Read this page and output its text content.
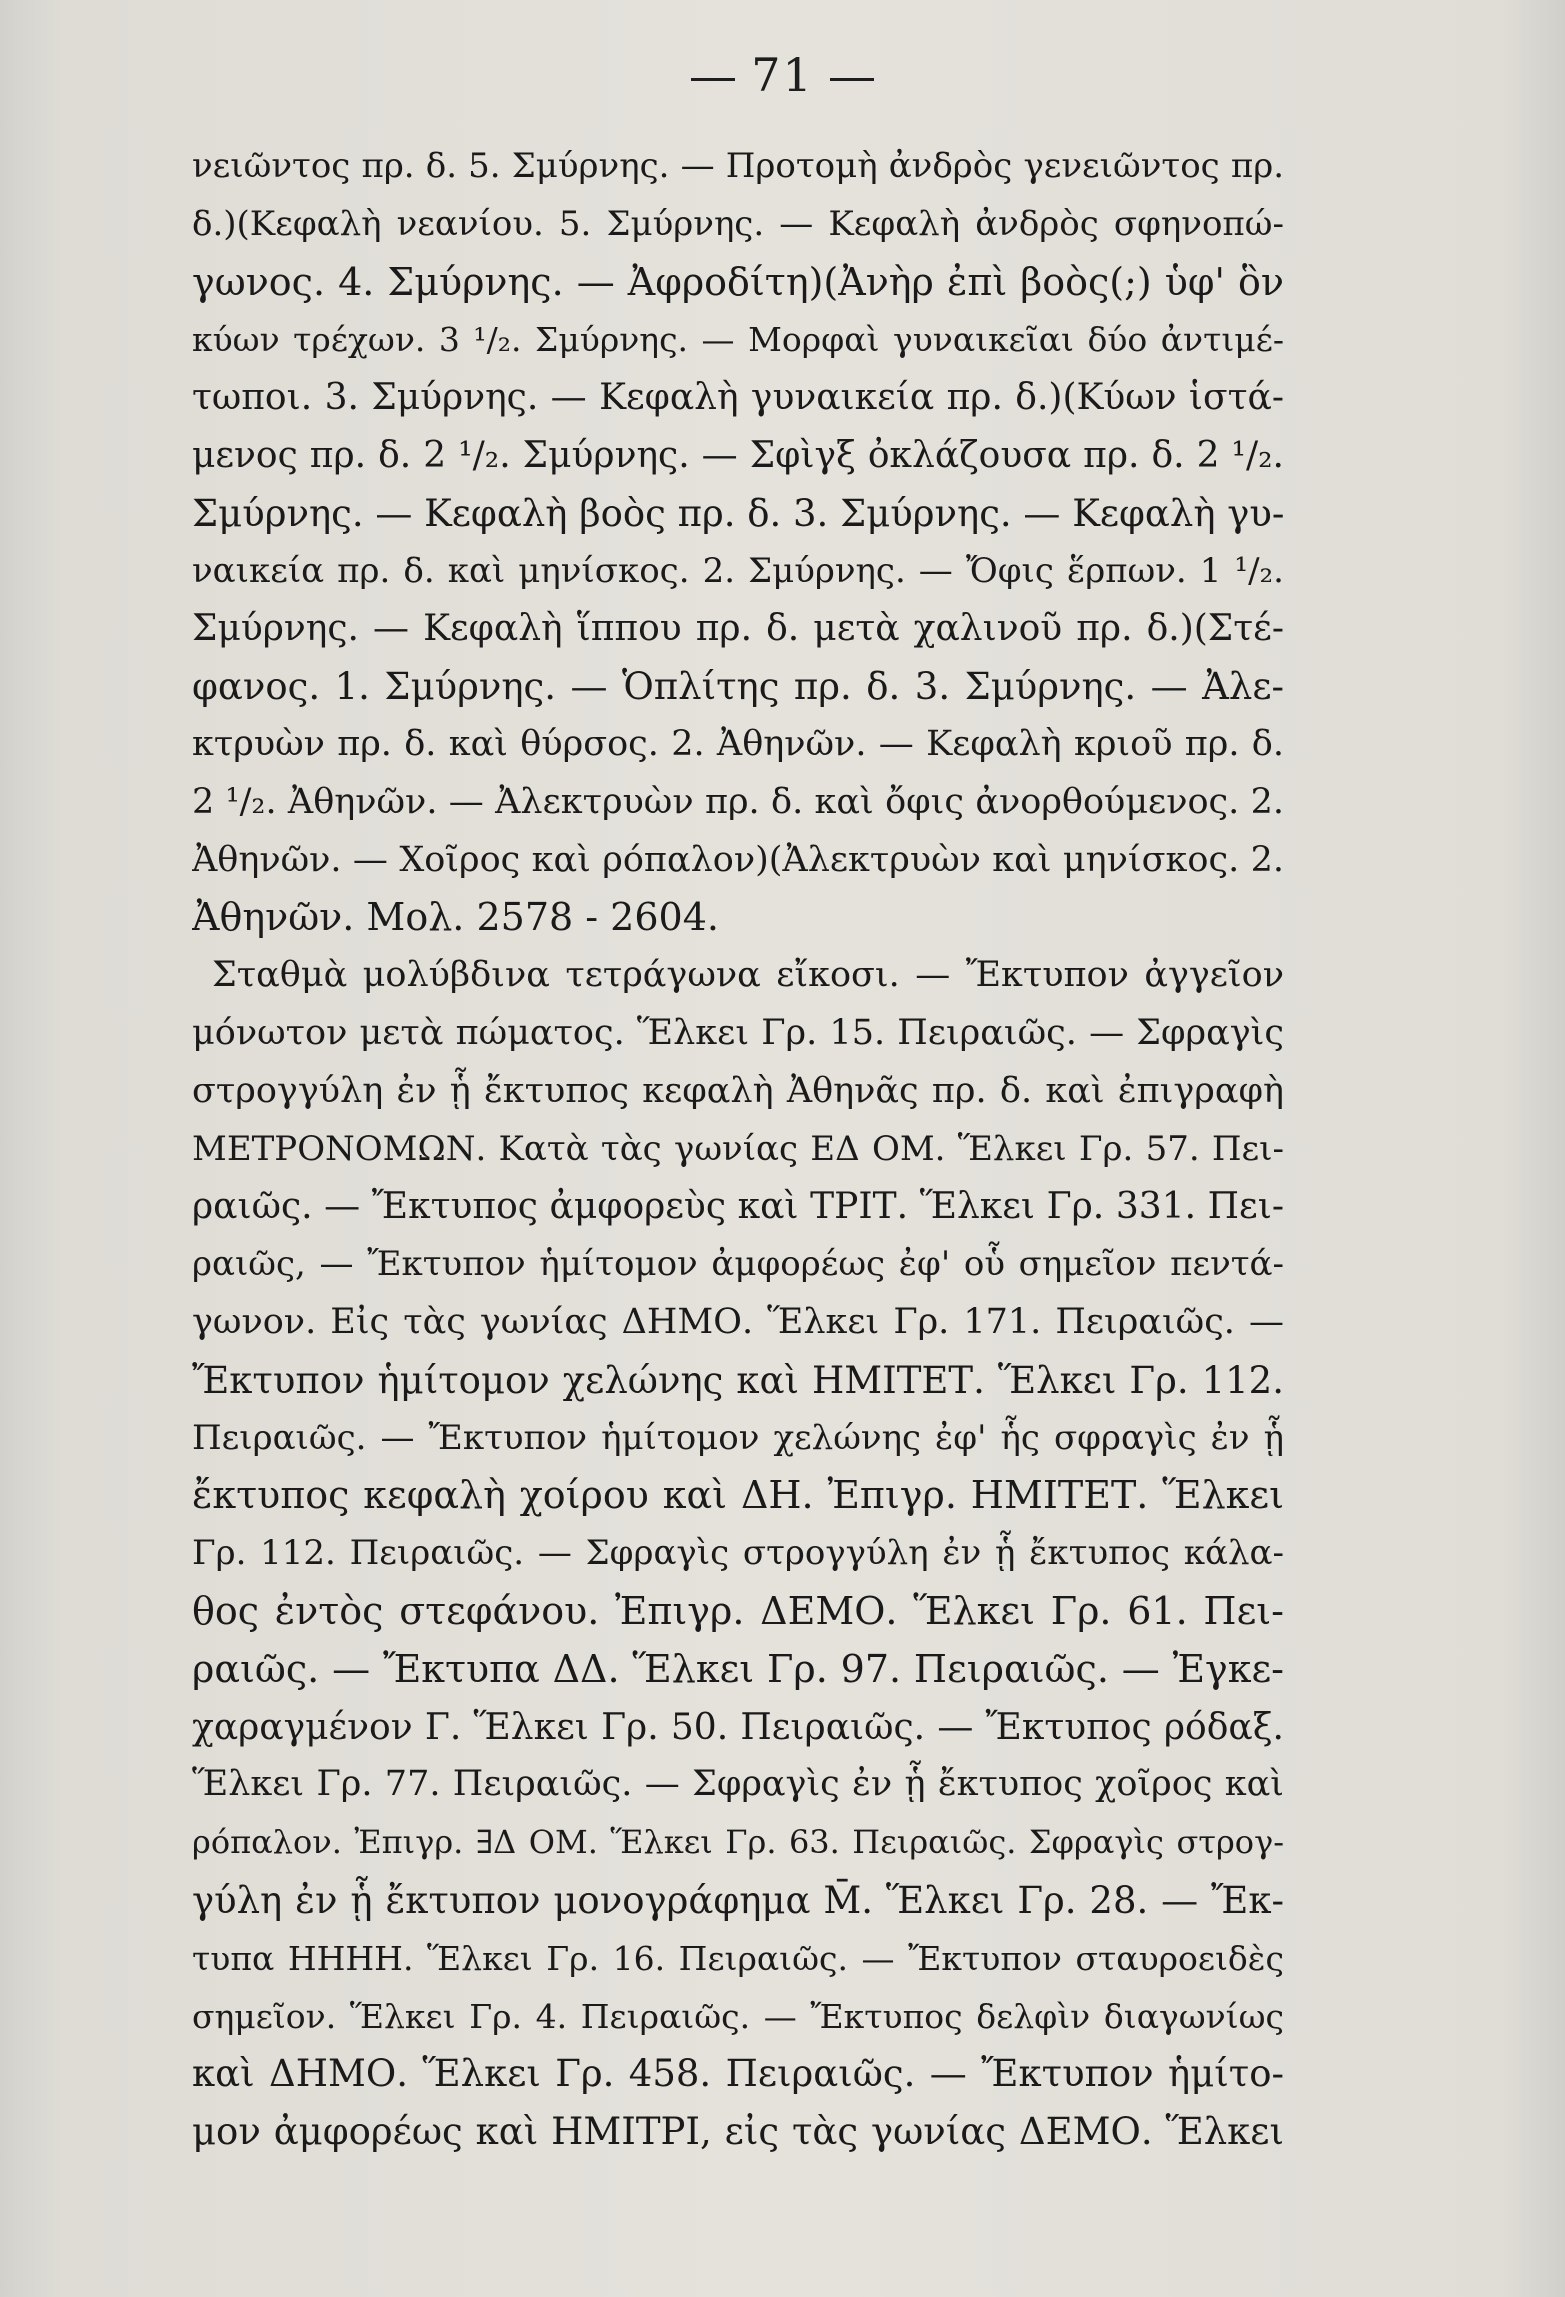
71
νειῶντος πρ. δ. 5. Σμύρνης. — Προτομὴ ἀνδρὸς γενειῶντος πρ.
δ.)(Κεφαλὴ νεανίου. 5. Σμύρνης. — Κεφαλὴ ἀνδρὸς σφηνοπώ-
γωνος. 4. Σμύρνης. — Ἀφροδίτη)(Ἀνὴρ ἐπὶ βοὸς(;) ὑφ' ὃν
κύων τρέχων. 3 ¹/₂. Σμύρνης. — Μορφαὶ γυναικεῖαι δύο ἀντιμέ-
τωποι. 3. Σμύρνης. — Κεφαλὴ γυναικεία πρ. δ.)(Κύων ἱστά-
μενος πρ. δ. 2 ¹/₂. Σμύρνης. — Σφὶγξ ὀκλάζουσα πρ. δ. 2 ¹/₂.
Σμύρνης. — Κεφαλὴ βοὸς πρ. δ. 3. Σμύρνης. — Κεφαλὴ γυ-
ναικεία πρ. δ. καὶ μηνίσκος. 2. Σμύρνης. — Ὄφις ἕρπων. 1 ¹/₂.
Σμύρνης. — Κεφαλὴ ἵππου πρ. δ. μετὰ χαλινοῦ πρ. δ.)(Στέ-
φανος. 1. Σμύρνης. — Ὁπλίτης πρ. δ. 3. Σμύρνης. — Ἀλε-
κτρυὼν πρ. δ. καὶ θύρσος. 2. Ἀθηνῶν. — Κεφαλὴ κριοῦ πρ. δ.
2 ¹/₂. Ἀθηνῶν. — Ἀλεκτρυὼν πρ. δ. καὶ ὄφις ἀνορθούμενος. 2.
Ἀθηνῶν. — Χοῖρος καὶ ρόπαλον)(Ἀλεκτρυὼν καὶ μηνίσκος. 2.
Ἀθηνῶν. Μολ. 2578 - 2604.
Σταθμὰ μολύβδινα τετράγωνα εἴκοσι. — Ἔκτυπον ἀγγεῖον
μόνωτον μετὰ πώματος. Ἕλκει Γρ. 15. Πειραιῶς. — Σφραγὶς
στρογγύλη ἐν ᾗ ἔκτυπος κεφαλὴ Ἀθηνᾶς πρ. δ. καὶ ἐπιγραφὴ
ΜΕΤΡΟΝΟΜΩΝ. Κατὰ τὰς γωνίας ΕΔ ΟΜ. Ἕλκει Γρ. 57. Πει-
ραιῶς. — Ἔκτυπος ἀμφορεὺς καὶ ΤΡΙΤ. Ἕλκει Γρ. 331. Πει-
ραιῶς, — Ἔκτυπον ἡμίτομον ἀμφορέως ἐφ' οὗ σημεῖον πεντά-
γωνον. Εἰς τὰς γωνίας ΔΗΜΟ. Ἕλκει Γρ. 171. Πειραιῶς. —
Ἔκτυπον ἡμίτομον χελώνης καὶ ΗΜΙΤΕΤ. Ἕλκει Γρ. 112.
Πειραιῶς. — Ἔκτυπον ἡμίτομον χελώνης ἐφ' ἧς σφραγὶς ἐν ᾗ
ἔκτυπος κεφαλὴ χοίρου καὶ ΔΗ. Ἐπιγρ. ΗΜΙΤΕΤ. Ἕλκει
Γρ. 112. Πειραιῶς. — Σφραγὶς στρογγύλη ἐν ᾗ ἔκτυπος κάλα-
θος ἐντὸς στεφάνου. Ἐπιγρ. ΔΕΜΟ. Ἕλκει Γρ. 61. Πει-
ραιῶς. — Ἔκτυπα ΔΔ. Ἕλκει Γρ. 97. Πειραιῶς. — Ἐγκε-
χαραγμένον Γ. Ἕλκει Γρ. 50. Πειραιῶς. — Ἔκτυπος ρόδαξ.
Ἕλκει Γρ. 77. Πειραιῶς. — Σφραγὶς ἐν ᾗ ἔκτυπος χοῖρος καὶ
ρόπαλον. Ἐπιγρ. ∃Δ ΟΜ. Ἕλκει Γρ. 63. Πειραιῶς. Σφραγὶς στρογ-
γύλη ἐν ᾗ ἔκτυπον μονογράφημα M̄. Ἕλκει Γρ. 28. — Ἔκ-
τυπα ΗΗΗΗ. Ἕλκει Γρ. 16. Πειραιῶς. — Ἔκτυπον σταυροειδὲς
σημεῖον. Ἕλκει Γρ. 4. Πειραιῶς. — Ἔκτυπος δελφὶν διαγωνίως
καὶ ΔΗΜΟ. Ἕλκει Γρ. 458. Πειραιῶς. — Ἔκτυπον ἡμίτο-
μον ἀμφορέως καὶ ΗΜΙΤΡΙ, εἰς τὰς γωνίας ΔΕΜΟ. Ἕλκει
